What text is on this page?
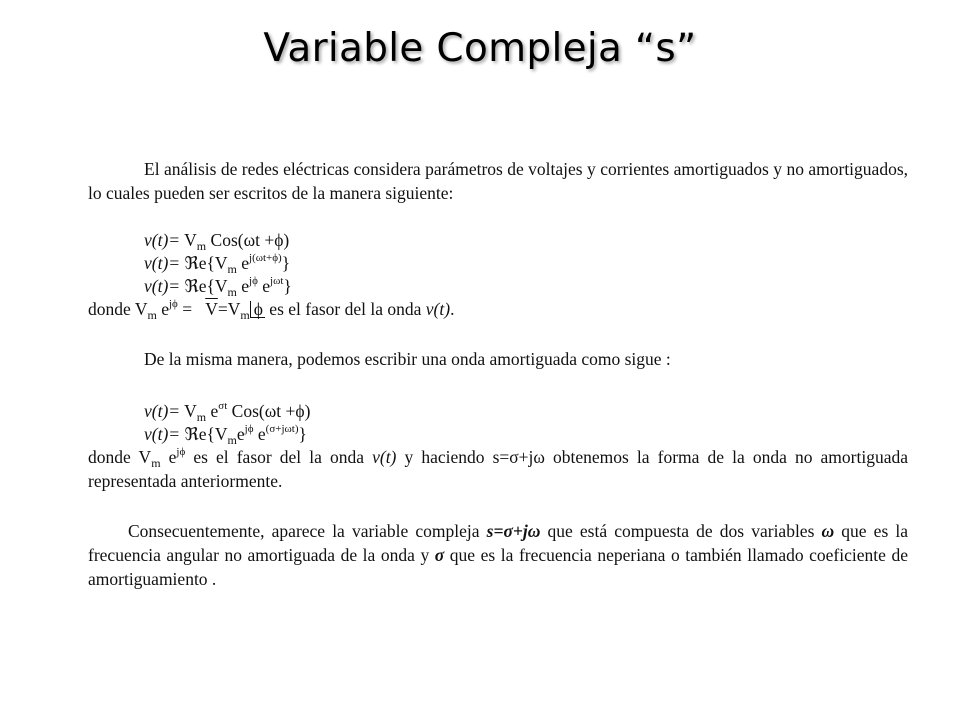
Variable Compleja “s”
El análisis de redes eléctricas considera parámetros de voltajes y corrientes amortiguados y no amortiguados, lo cuales pueden ser escritos de la manera siguiente:
$v(t)= V_m$ Cos(ωt +ϕ)
$v(t)= ℜe\{V_m$ $e^{j(\omega t+\phi)}$}
$v(t)= ℜe\{V_m$ $e^{j\phi}$ $e^{j\omega t}$}
donde $V_m$ $e^{j\phi} = \overline{V}=V_m$ ϕ es el fasor del la onda v(t).
De la misma manera, podemos escribir una onda amortiguada como sigue :
$v(t)= V_m$ $e^{\sigma t}$ Cos(ωt +ϕ)
$v(t)= ℜe\{V_me^{j\phi}$ $e^{(\sigma+j\omega t)}$}
donde $V_m$ $e^{j\phi}$ es el fasor del la onda v(t) y haciendo s=σ+jω obtenemos la forma de la onda no amortiguada representada anteriormente.
Consecuentemente, aparece la variable compleja s=σ+jω que está compuesta de dos variables ω que es la frecuencia angular no amortiguada de la onda y σ que es la frecuencia neperiana o también llamado coeficiente de amortiguamiento .
